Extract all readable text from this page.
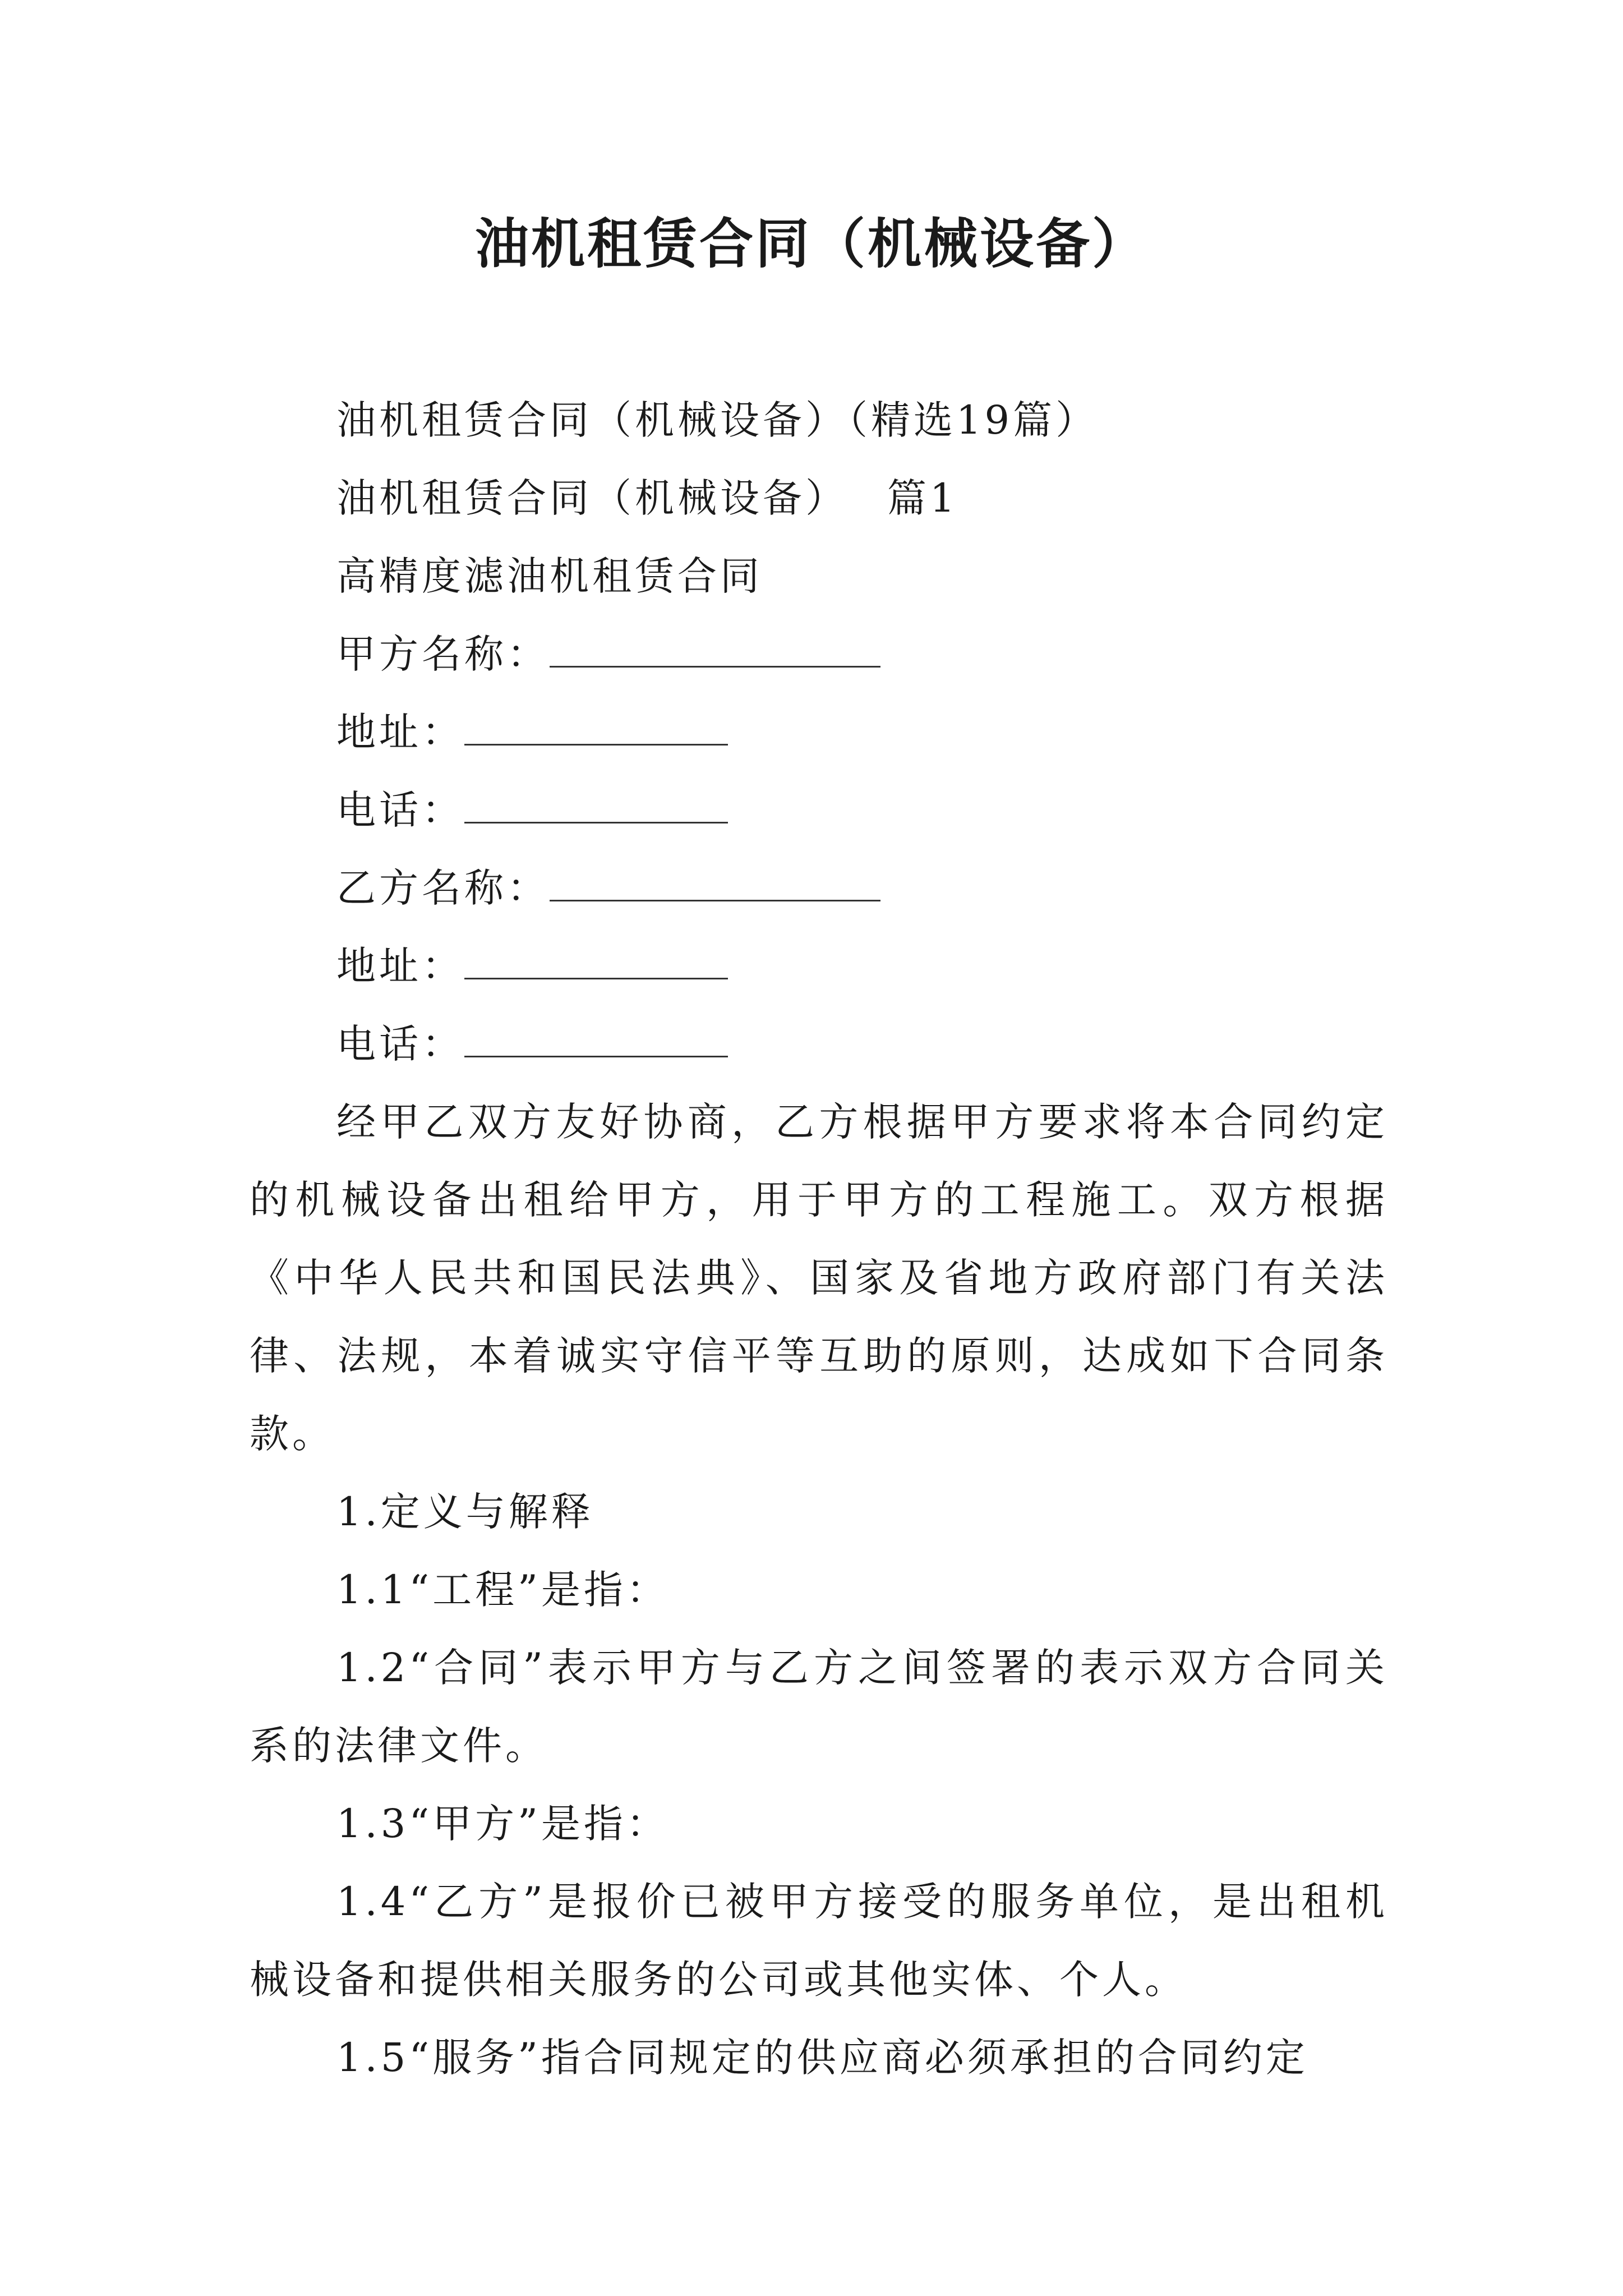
油机租赁合同（机械设备）
油机租赁合同（机械设备）（精选19篇）
油机租赁合同（机械设备） 篇1
高精度滤油机租赁合同
甲方名称：
地址：
电话：
乙方名称：
地址：
电话：
经甲乙双方友好协商，乙方根据甲方要求将本合同约定的机械设备出租给甲方，用于甲方的工程施工。双方根据《中华人民共和国民法典》、国家及省地方政府部门有关法律、法规，本着诚实守信平等互助的原则，达成如下合同条款。
1.定义与解释
1.1“工程”是指：
1.2“合同”表示甲方与乙方之间签署的表示双方合同关系的法律文件。
1.3“甲方”是指：
1.4“乙方”是报价已被甲方接受的服务单位，是出租机械设备和提供相关服务的公司或其他实体、个人。
1.5“服务”指合同规定的供应商必须承担的合同约定
